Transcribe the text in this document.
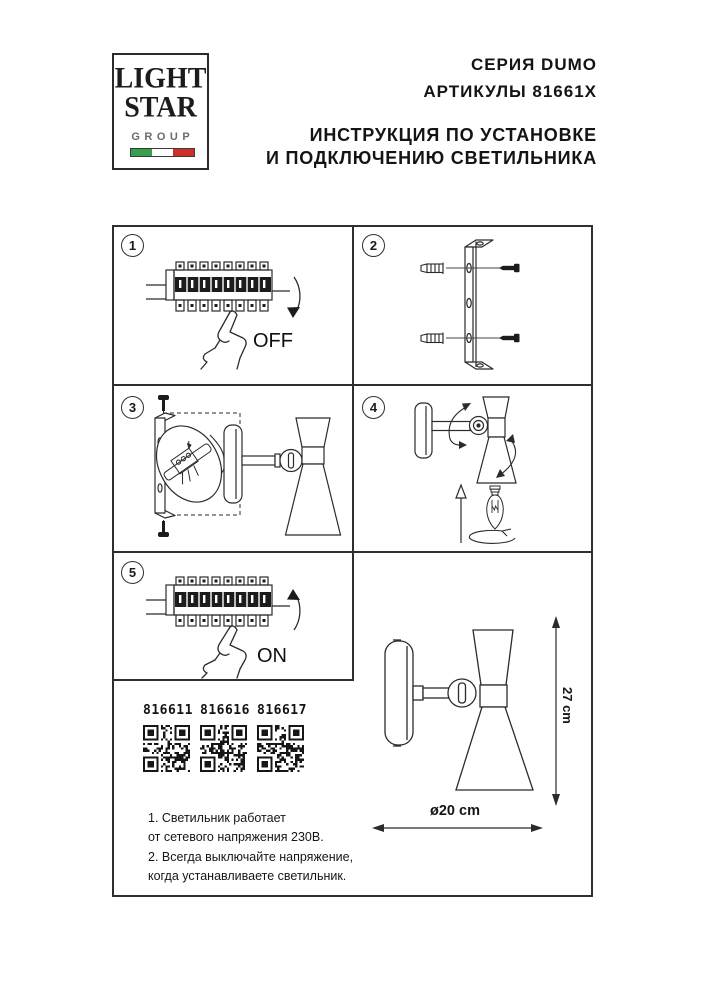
LIGHT
STAR
GROUP
СЕРИЯ DUMO
АРТИКУЛЫ 81661X
ИНСТРУКЦИЯ ПО УСТАНОВКЕ
И ПОДКЛЮЧЕНИЮ СВЕТИЛЬНИКА
1	2
3	4
5
OFF
ON
816611 816616 816617
1. Светильник работает
от сетевого напряжения 230В.
2. Всегда выключайте напряжение,
когда устанавливаете светильник.
27 cm
ø20 cm
